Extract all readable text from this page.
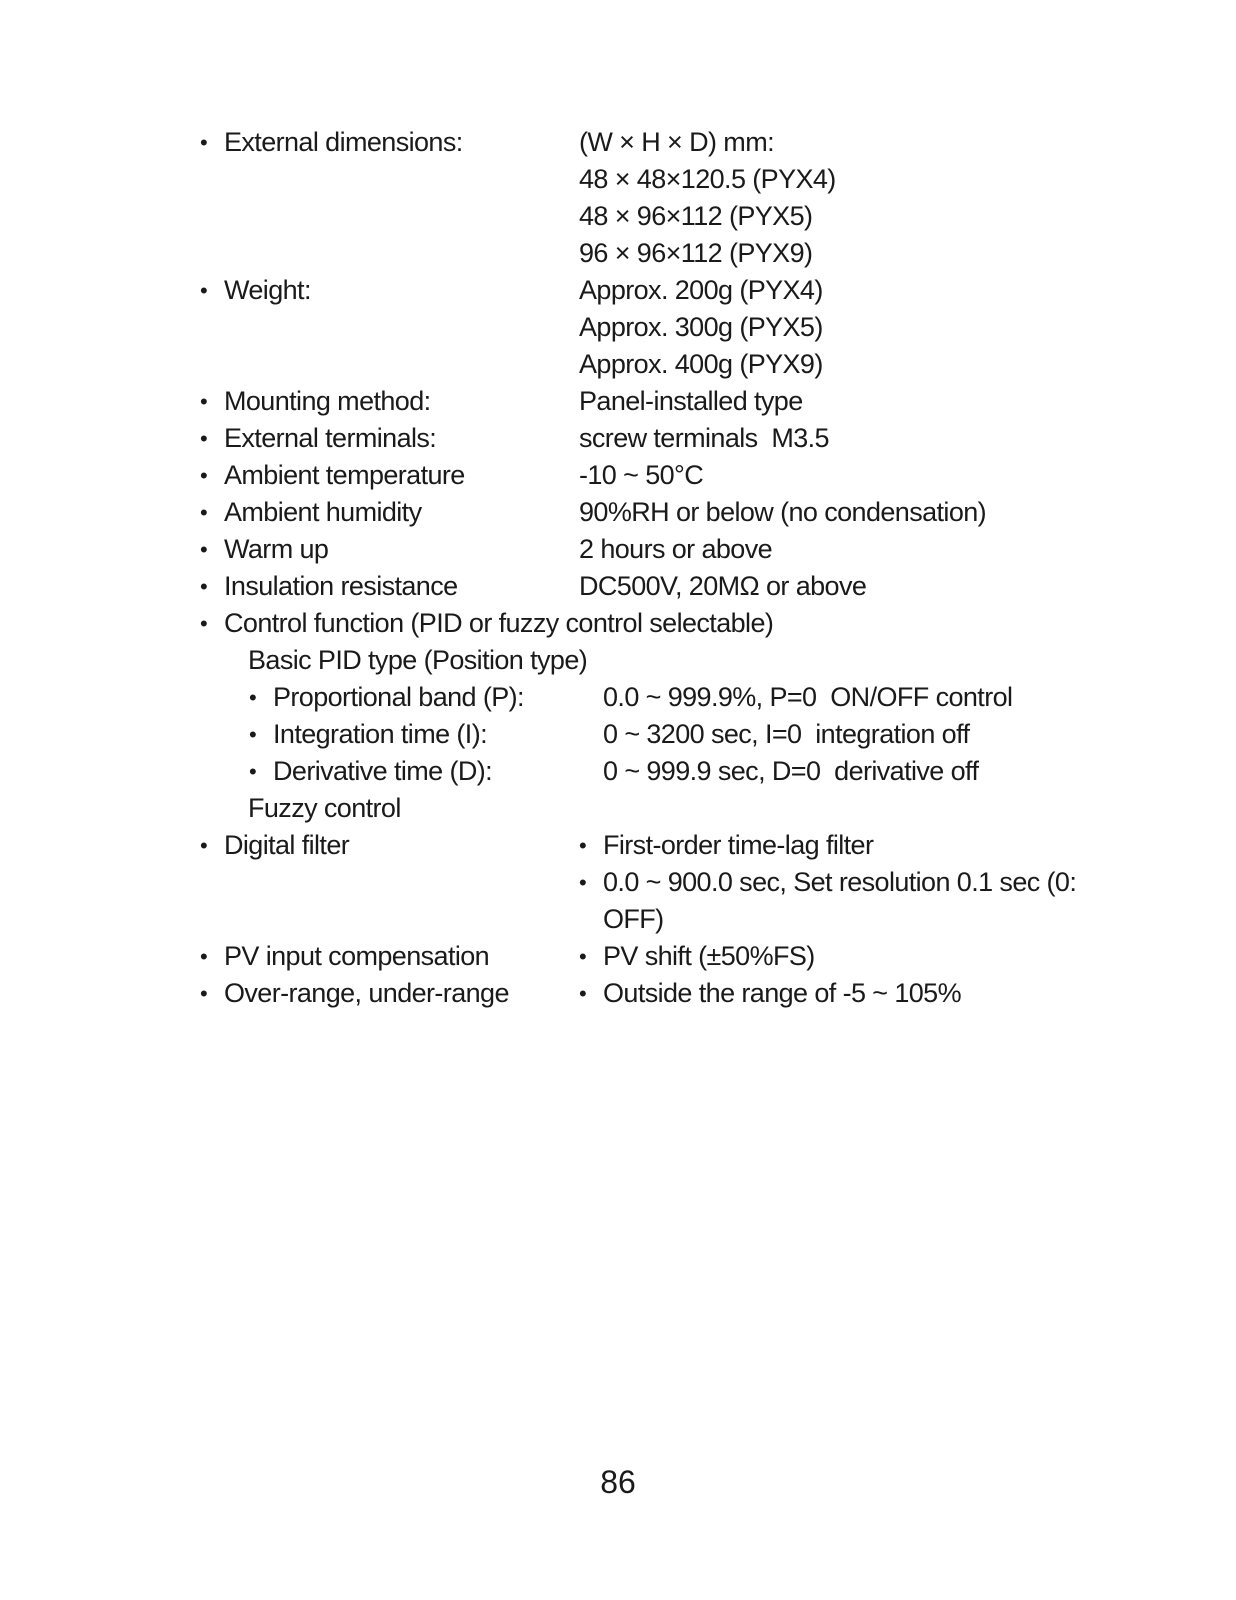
• External dimensions:	(W × H × D) mm:
48 × 48×120.5 (PYX4)
48 × 96×112 (PYX5)
96 × 96×112 (PYX9)
• Weight:	Approx. 200g (PYX4)
Approx. 300g (PYX5)
Approx. 400g (PYX9)
• Mounting method:	Panel-installed type
• External terminals:	screw terminals  M3.5
• Ambient temperature	-10 ~ 50°C
• Ambient humidity	90%RH or below (no condensation)
• Warm up	2 hours or above
• Insulation resistance	DC500V, 20MΩ or above
• Control function (PID or fuzzy control selectable)
Basic PID type (Position type)
• Proportional band (P):	0.0 ~ 999.9%, P=0  ON/OFF control
• Integration time (I):	0 ~ 3200 sec, I=0  integration off
• Derivative time (D):	0 ~ 999.9 sec, D=0  derivative off
Fuzzy control
• Digital filter	• First-order time-lag filter
• 0.0 ~ 900.0 sec, Set resolution 0.1 sec (0:
OFF)
• PV input compensation	• PV shift (±50%FS)
• Over-range, under-range	• Outside the range of -5 ~ 105%
86
